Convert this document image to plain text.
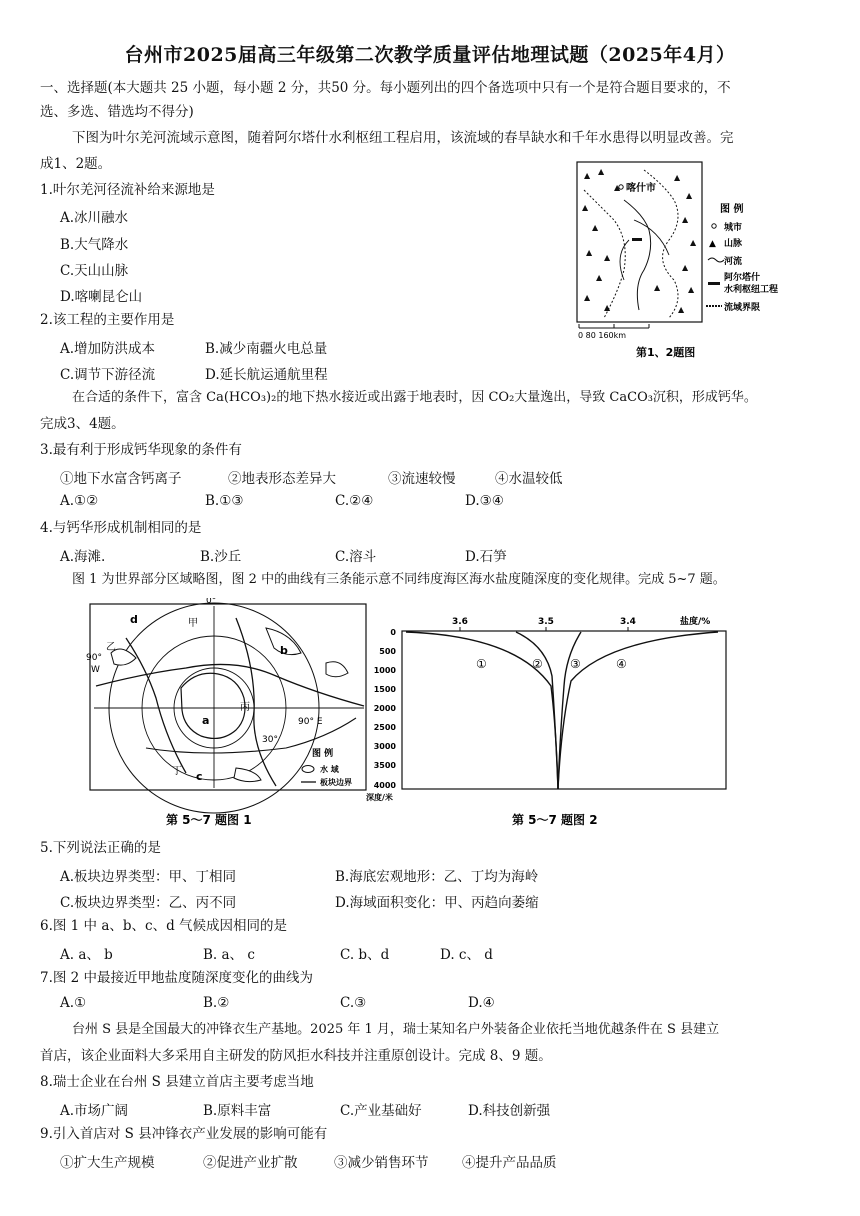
台州市2025届高三年级第二次教学质量评估地理试题（2025年4月）
一、选择题(本大题共 25 小题，每小题 2 分，共50 分。每小题列出的四个备选项中只有一个是符合题目要求的，不
选、多选、错选均不得分)
下图为叶尔羌河流域示意图，随着阿尔塔什水利枢纽工程启用，该流域的春旱缺水和千年水患得以明显改善。完
成1、2题。
▲ ▲
▲
▲
▲
▲
▲
▲
▲
▲
▲
▲
▲
▲
▲
▲
▲
▲
喀什市
图 例
城市
▲ 山脉
河流
阿尔塔什
水利枢纽工程
流域界限
0 80 160km
第1、2题图
1.叶尔羌河径流补给来源地是
A.冰川融水
B.大气降水
C.天山山脉
D.喀喇昆仑山
2.该工程的主要作用是
A.增加防洪成本	B.减少南疆火电总量
C.调节下游径流	D.延长航运通航里程
在合适的条件下，富含 Ca(HCO₃)₂的地下热水接近或出露于地表时，因 CO₂大量逸出，导致 CaCO₃沉积，形成钙华。
完成3、4题。
3.最有利于形成钙华现象的条件有
①地下水富含钙离子	②地表形态差异大	③流速较慢	④水温较低
A.①②	B.①③	C.②④	D.③④
4.与钙华形成机制相同的是
A.海滩.	B.沙丘	C.溶斗	D.石笋
图 1 为世界部分区域略图，图 2 中的曲线有三条能示意不同纬度海区海水盐度随深度的变化规律。完成 5~7 题。
0°
90°
W
90° E
30°
a
b
c
d	甲
乙
丙
丁
图 例
水 域
板块边界
第 5～7 题图 1
3.6	3.5	3.4	盐度/%
0
500
1000
1500
2000
2500
3000
3500
4000
深度/米
①	② ③	④
第 5～7 题图 2
5.下列说法正确的是
A.板块边界类型：甲、丁相同	B.海底宏观地形：乙、丁均为海岭
C.板块边界类型：乙、丙不同	D.海域面积变化：甲、丙趋向萎缩
6.图 1 中 a、b、c、d 气候成因相同的是
A. a、 b	B. a、 c	C. b、d	D. c、 d
7.图 2 中最接近甲地盐度随深度变化的曲线为
A.①	B.②	C.③	D.④
台州 S 县是全国最大的冲锋衣生产基地。2025 年 1 月，瑞士某知名户外装备企业依托当地优越条件在 S 县建立
首店，该企业面料大多采用自主研发的防风拒水科技并注重原创设计。完成 8、9 题。
8.瑞士企业在台州 S 县建立首店主要考虑当地
A.市场广阔	B.原料丰富	C.产业基础好	D.科技创新强
9.引入首店对 S 县冲锋衣产业发展的影响可能有
①扩大生产规模	②促进产业扩散	③减少销售环节 ④提升产品品质
